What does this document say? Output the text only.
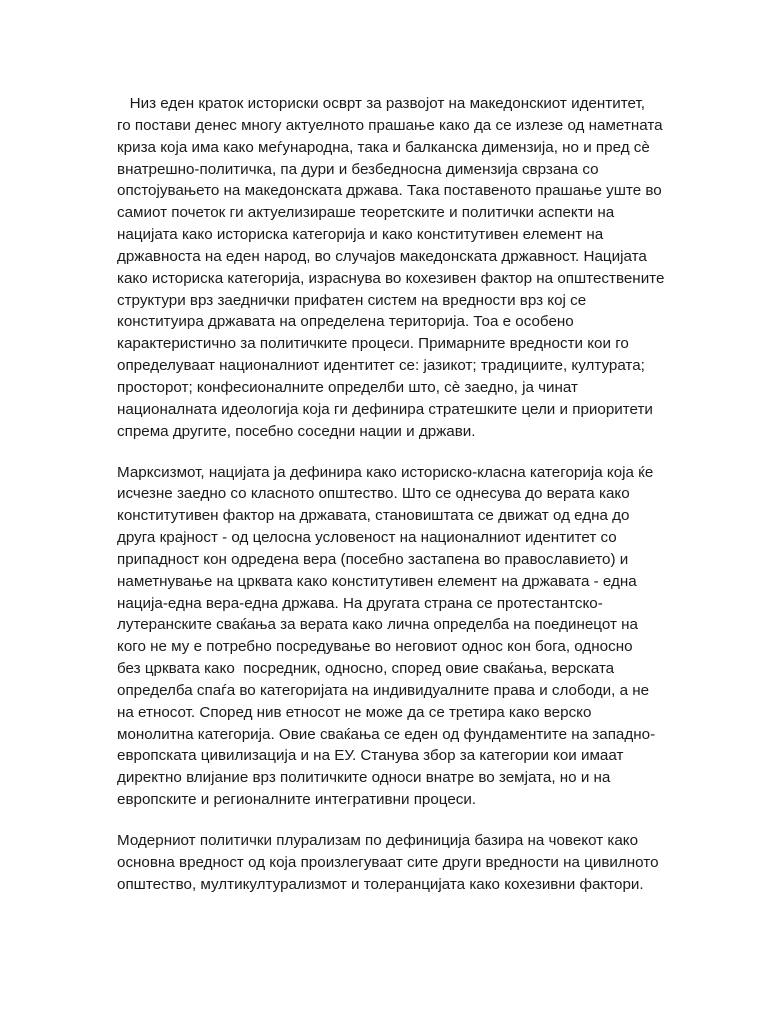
Низ еден краток историски осврт за развојот на македонскиот идентитет,
го постави денес многу актуелното прашање како да се излезе од наметната
криза која има како меѓународна, така и балканска димензија, но и пред сѐ
внатрешно-политичка, па дури и безбедносна димензија сврзана со
опстојувањето на македонската држава. Така поставеното прашање уште во
самиот почеток ги актуелизираше теоретските и политички аспекти на
нацијата како историска категорија и како конститутивен елемент на
државноста на еден народ, во случајов македонската државност. Нацијата
како историска категорија, израснува во кохезивен фактор на општествените
структури врз заеднички прифатен систем на вредности врз кој се
конституира државата на определена територија. Тоа е особено
карактеристично за политичките процеси. Примарните вредности кои го
определуваат националниот идентитет се: јазикот; традициите, културата;
просторот; конфесионалните определби што, сѐ заедно, ја чинат
националната идеологија која ги дефинира стратешките цели и приоритети
спрема другите, посебно соседни нации и држави.

Марксизмот, нацијата ја дефинира како историско-класна категорија која ќе
исчезне заедно со класното општество. Што се однесува до верата како
конститутивен фактор на државата, становиштата се движат од една до
друга крајност - од целосна условеност на националниот идентитет со
припадност кон одредена вера (посебно застапена во православието) и
наметнување на црквата како конститутивен елемент на државата - една
нација-една вера-една држава. На другата страна се протестантско-
лутеранските сваќања за верата како лична определба на поединецот на
кого не му е потребно посредување во неговиот однос кон бога, односно
без црквата како  посредник, односно, според овие сваќања, верската
определба спаѓа во категоријата на индивидуалните права и слободи, а не
на етносот. Според нив етносот не може да се третира како верско
монолитна категорија. Овие сваќања се еден од фундаментите на западно-
европската цивилизација и на ЕУ. Станува збор за категории кои имаат
директно влијание врз политичките односи внатре во земјата, но и на
европските и регионалните интегративни процеси.

Модерниот политички плурализам по дефиниција базира на човекот како
основна вредност од која произлегуваат сите други вредности на цивилното
општество, мултикултурализмот и толеранцијата како кохезивни фактори.
